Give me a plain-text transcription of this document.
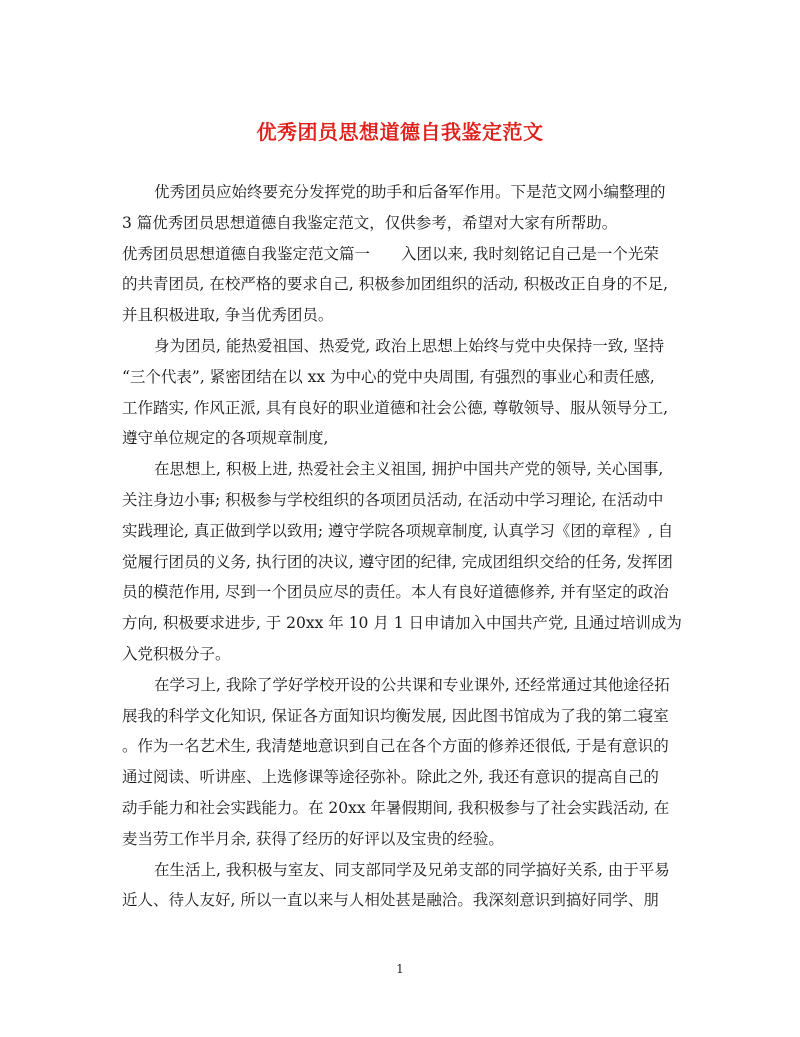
优秀团员思想道德自我鉴定范文
优秀团员应始终要充分发挥党的助手和后备军作用。下是范文网小编整理的
3 篇优秀团员思想道德自我鉴定范文，仅供参考，希望对大家有所帮助。
优秀团员思想道德自我鉴定范文篇一　　入团以来, 我时刻铭记自己是一个光荣
的共青团员, 在校严格的要求自己, 积极参加团组织的活动, 积极改正自身的不足,
并且积极进取, 争当优秀团员。
身为团员, 能热爱祖国、热爱党, 政治上思想上始终与党中央保持一致, 坚持
“三个代表”, 紧密团结在以 xx 为中心的党中央周围, 有强烈的事业心和责任感,
工作踏实, 作风正派, 具有良好的职业道德和社会公德, 尊敬领导、服从领导分工,
遵守单位规定的各项规章制度,
在思想上, 积极上进, 热爱社会主义祖国, 拥护中国共产党的领导, 关心国事,
关注身边小事; 积极参与学校组织的各项团员活动, 在活动中学习理论, 在活动中
实践理论, 真正做到学以致用; 遵守学院各项规章制度, 认真学习《团的章程》, 自
觉履行团员的义务, 执行团的决议, 遵守团的纪律, 完成团组织交给的任务, 发挥团
员的模范作用, 尽到一个团员应尽的责任。本人有良好道德修养, 并有坚定的政治
方向, 积极要求进步, 于 20xx 年 10 月 1 日申请加入中国共产党, 且通过培训成为
入党积极分子。
在学习上, 我除了学好学校开设的公共课和专业课外, 还经常通过其他途径拓
展我的科学文化知识, 保证各方面知识均衡发展, 因此图书馆成为了我的第二寝室
。作为一名艺术生, 我清楚地意识到自己在各个方面的修养还很低, 于是有意识的
通过阅读、听讲座、上选修课等途径弥补。除此之外, 我还有意识的提高自己的
动手能力和社会实践能力。在 20xx 年暑假期间, 我积极参与了社会实践活动, 在
麦当劳工作半月余, 获得了经历的好评以及宝贵的经验。
在生活上, 我积极与室友、同支部同学及兄弟支部的同学搞好关系, 由于平易
近人、待人友好, 所以一直以来与人相处甚是融洽。我深刻意识到搞好同学、朋
1
